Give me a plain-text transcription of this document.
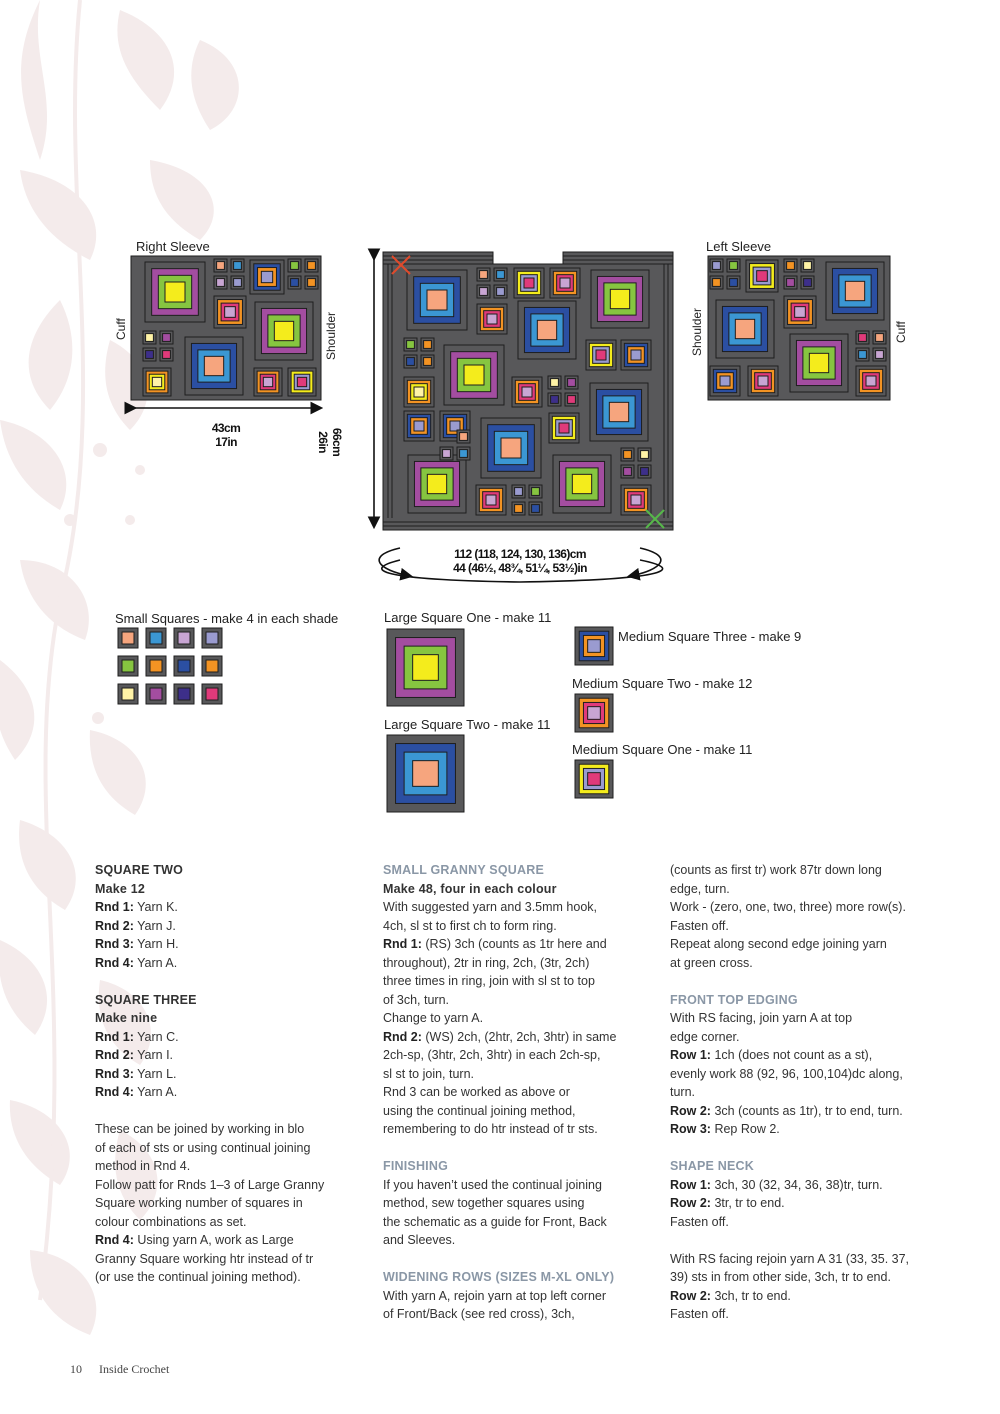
Right Sleeve	Left Sleeve
Cuff	Shoulder	Shoulder	Cuff
43cm
17in	66cm
26in
112 (118, 124, 130, 136)cm
44 (46½, 48¾, 51¼, 53½)in
Small Squares - make 4 in each shade	Large Square One - make 11
Large Square Two - make 11
Medium Square Three - make 9
Medium Square Two - make 12
Medium Square One - make 11

SQUARE TWO

Make 12

Rnd 1: Yarn K.

Rnd 2: Yarn J.

Rnd 3: Yarn H.

Rnd 4: Yarn A.

SQUARE THREE

Make nine

Rnd 1: Yarn C.

Rnd 2: Yarn I.

Rnd 3: Yarn L.

Rnd 4: Yarn A.

These can be joined by working in blo

of each of sts or using continual joining

method in Rnd 4.

Follow patt for Rnds 1–3 of Large Granny

Square working number of squares in

colour combinations as set.

Rnd 4: Using yarn A, work as Large

Granny Square working htr instead of tr

(or use the continual joining method).

SMALL GRANNY SQUARE

Make 48, four in each colour

With suggested yarn and 3.5mm hook,

4ch, sl st to first ch to form ring.

Rnd 1: (RS) 3ch (counts as 1tr here and

throughout), 2tr in ring, 2ch, (3tr, 2ch)

three times in ring, join with sl st to top

of 3ch, turn.

Change to yarn A.

Rnd 2: (WS) 2ch, (2htr, 2ch, 3htr) in same

2ch-sp, (3htr, 2ch, 3htr) in each 2ch-sp,

sl st to join, turn.

Rnd 3 can be worked as above or

using the continual joining method,

remembering to do htr instead of tr sts.

FINISHING

If you haven’t used the continual joining

method, sew together squares using

the schematic as a guide for Front, Back

and Sleeves.

WIDENING ROWS (SIZES M-XL ONLY)

With yarn A, rejoin yarn at top left corner

of Front/Back (see red cross), 3ch,

(counts as first tr) work 87tr down long

edge, turn.

Work - (zero, one, two, three) more row(s).

Fasten off.

Repeat along second edge joining yarn

at green cross.

FRONT TOP EDGING

With RS facing, join yarn A at top

edge corner.

Row 1: 1ch (does not count as a st),

evenly work 88 (92, 96, 100,104)dc along,

turn.

Row 2: 3ch (counts as 1tr), tr to end, turn.

Row 3: Rep Row 2.

SHAPE NECK

Row 1: 3ch, 30 (32, 34, 36, 38)tr, turn.

Row 2: 3tr, tr to end.

Fasten off.

With RS facing rejoin yarn A 31 (33, 35. 37,

39) sts in from other side, 3ch, tr to end.

Row 2: 3ch, tr to end.

Fasten off.

10 Inside Crochet
